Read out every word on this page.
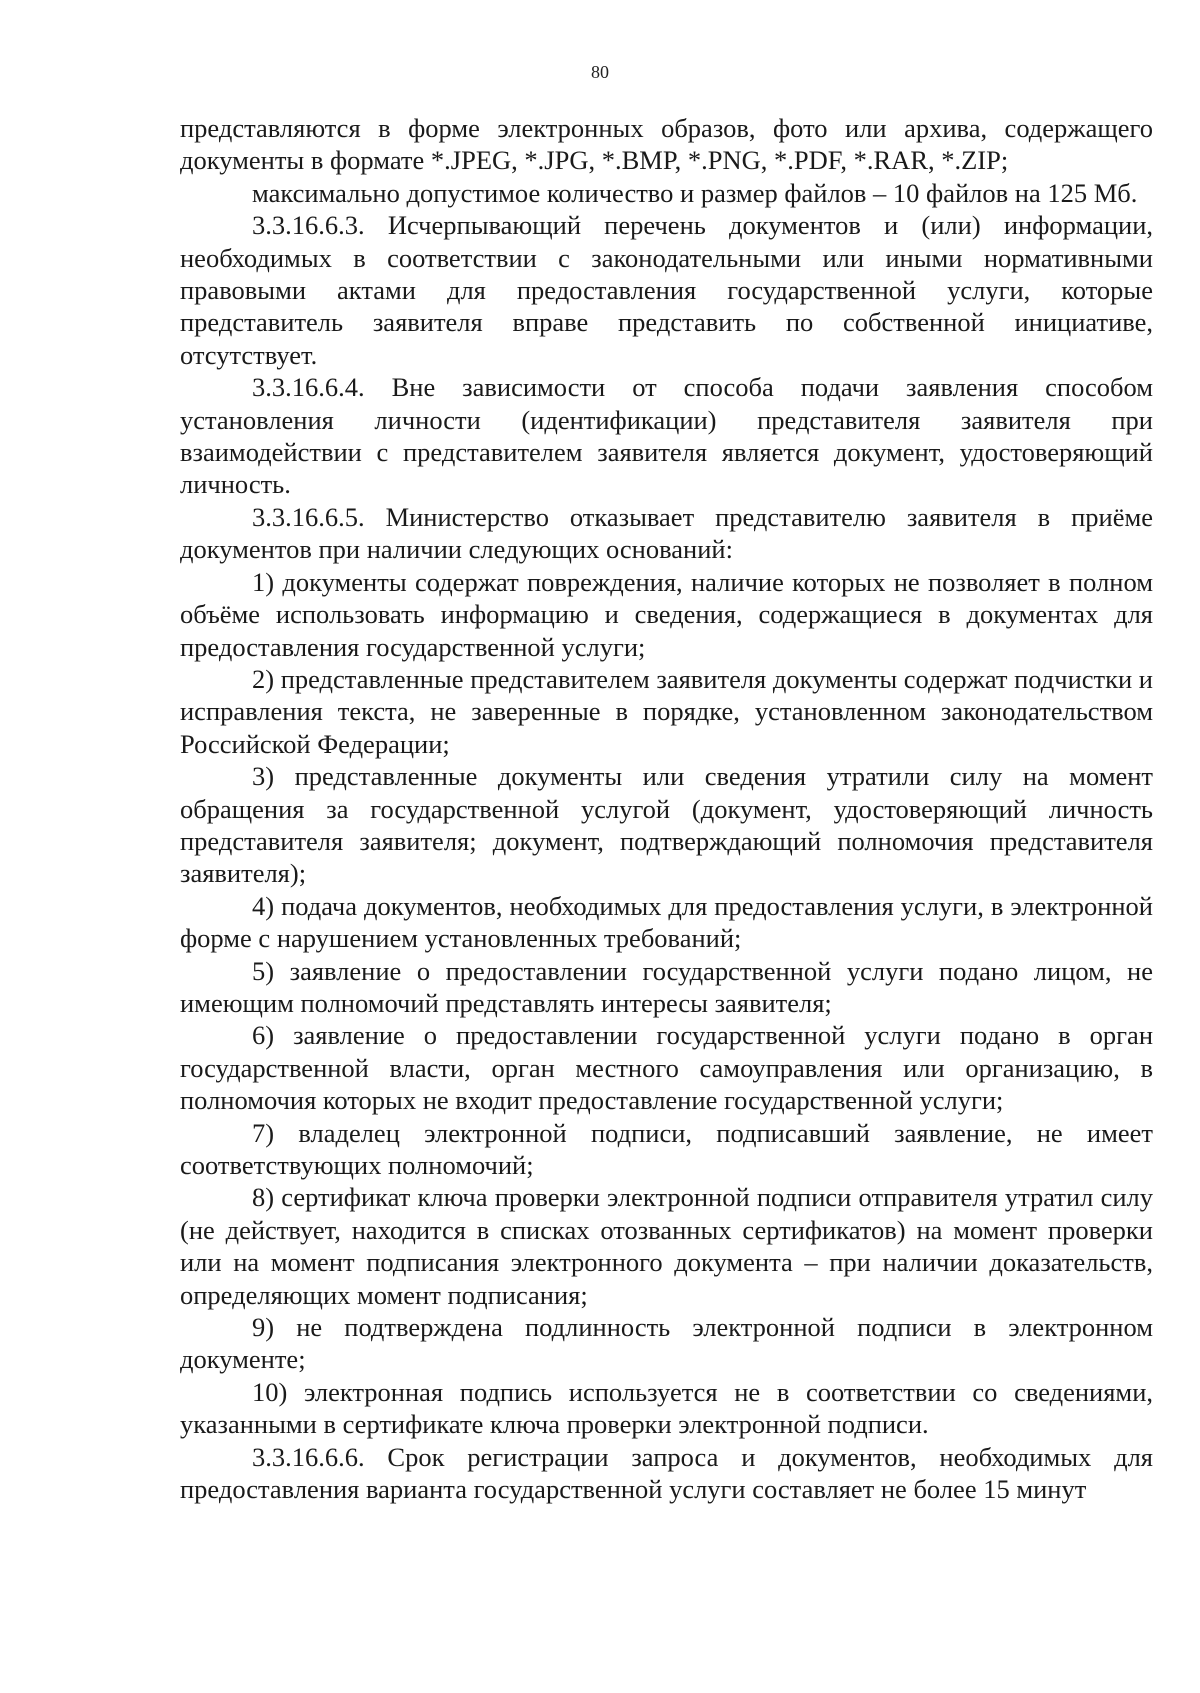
80

представляются в форме электронных образов, фото или архива, содержащего документы в формате *.JPEG, *.JPG, *.BMP, *.PNG, *.PDF, *.RAR, *.ZIP;

максимально допустимое количество и размер файлов – 10 файлов на 125 Мб.

3.3.16.6.3. Исчерпывающий перечень документов и (или) информации, необходимых в соответствии с законодательными или иными нормативными правовыми актами для предоставления государственной услуги, которые представитель заявителя вправе представить по собственной инициативе, отсутствует.

3.3.16.6.4. Вне зависимости от способа подачи заявления способом установления личности (идентификации) представителя заявителя при взаимодействии с представителем заявителя является документ, удостоверяющий личность.

3.3.16.6.5. Министерство отказывает представителю заявителя в приёме документов при наличии следующих оснований:

1) документы содержат повреждения, наличие которых не позволяет в полном объёме использовать информацию и сведения, содержащиеся в документах для предоставления государственной услуги;

2) представленные представителем заявителя документы содержат подчистки и исправления текста, не заверенные в порядке, установленном законодательством Российской Федерации;

3) представленные документы или сведения утратили силу на момент обращения за государственной услугой (документ, удостоверяющий личность представителя заявителя; документ, подтверждающий полномочия представителя заявителя);

4) подача документов, необходимых для предоставления услуги, в электронной форме с нарушением установленных требований;

5) заявление о предоставлении государственной услуги подано лицом, не имеющим полномочий представлять интересы заявителя;

6) заявление о предоставлении государственной услуги подано в орган государственной власти, орган местного самоуправления или организацию, в полномочия которых не входит предоставление государственной услуги;

7) владелец электронной подписи, подписавший заявление, не имеет соответствующих полномочий;

8) сертификат ключа проверки электронной подписи отправителя утратил силу (не действует, находится в списках отозванных сертификатов) на момент проверки или на момент подписания электронного документа – при наличии доказательств, определяющих момент подписания;

9) не подтверждена подлинность электронной подписи в электронном документе;

10) электронная подпись используется не в соответствии со сведениями, указанными в сертификате ключа проверки электронной подписи.

3.3.16.6.6. Срок регистрации запроса и документов, необходимых для предоставления варианта государственной услуги составляет не более 15 минут
